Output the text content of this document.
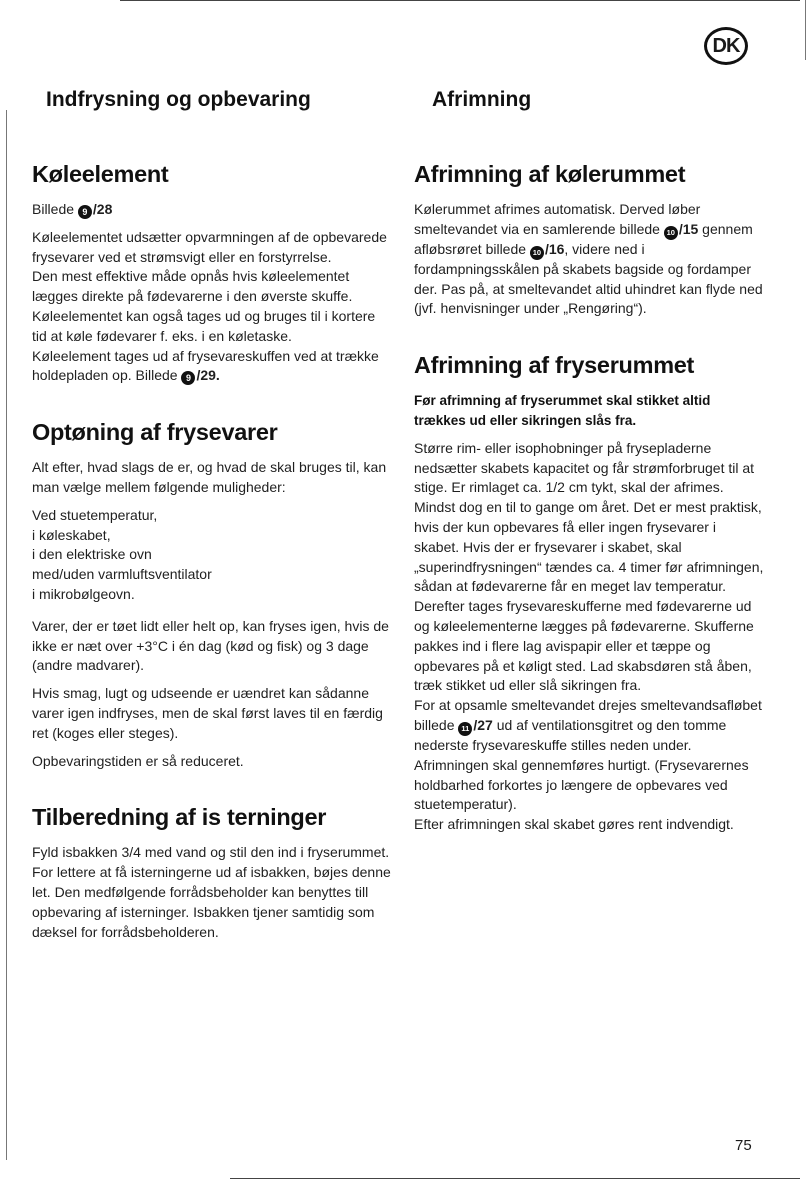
DK
Indfrysning og opbevaring	Afrimning
Køleelement

Billede 9 /28

Køleelementet udsætter opvarmningen af de opbevarede frysevarer ved et strømsvigt eller en forstyrrelse.

Den mest effektive måde opnås hvis køleelementet lægges direkte på fødevarerne i den øverste skuffe.

Køleelementet kan også tages ud og bruges til i kortere tid at køle fødevarer f. eks. i en køletaske.

Køleelement tages ud af frysevareskuffen ved at trække holdepladen op. Billede 9 /29.

Optøning af frysevarer

Alt efter, hvad slags de er, og hvad de skal bruges til, kan man vælge mellem følgende muligheder:

Ved stuetemperatur,

i køleskabet,

i den elektriske ovn

med/uden varmluftsventilator

i mikrobølgeovn.

Varer, der er tøet lidt eller helt op, kan fryses igen, hvis de ikke er næt over +3°C i én dag (kød og fisk) og 3 dage (andre madvarer).

Hvis smag, lugt og udseende er uændret kan sådanne varer igen indfryses, men de skal først laves til en færdig ret (koges eller steges).

Opbevaringstiden er så reduceret.

Tilberedning af is terninger

Fyld isbakken 3/4 med vand og stil den ind i fryserummet. For lettere at få isterningerne ud af isbakken, bøjes denne let. Den medfølgende forrådsbeholder kan benyttes till opbevaring af isterninger. Isbakken tjener samtidig som dæksel for forrådsbeholderen.

Afrimning af kølerummet

Kølerummet afrimes automatisk. Derved løber smeltevandet via en samlerende billede 10 /15 gennem afløbsrøret billede 10 /16, videre ned i fordampningsskålen på skabets bagside og fordamper der. Pas på, at smeltevandet altid uhindret kan flyde ned (jvf. henvisninger under „Rengøring“).

Afrimning af fryserummet

Før afrimning af fryserummet skal stikket altid trækkes ud eller sikringen slås fra.

Større rim- eller isophobninger på frysepladerne nedsætter skabets kapacitet og får strømforbruget til at stige. Er rimlaget ca. 1/2 cm tykt, skal der afrimes. Mindst dog en til to gange om året. Det er mest praktisk, hvis der kun opbevares få eller ingen frysevarer i skabet. Hvis der er frysevarer i skabet, skal „superindfrysningen“ tændes ca. 4 timer før afrimningen, sådan at fødevarerne får en meget lav temperatur. Derefter tages frysevareskufferne med fødevarerne ud og køleelementerne lægges på fødevarerne. Skufferne pakkes ind i flere lag avispapir eller et tæppe og opbevares på et køligt sted. Lad skabsdøren stå åben, træk stikket ud eller slå sikringen fra.

For at opsamle smeltevandet drejes smeltevandsafløbet billede 11 /27 ud af ventilationsgitret og den tomme nederste frysevareskuffe stilles neden under.

Afrimningen skal gennemføres hurtigt. (Frysevarernes holdbarhed forkortes jo længere de opbevares ved stuetemperatur).

Efter afrimningen skal skabet gøres rent indvendigt.

75
